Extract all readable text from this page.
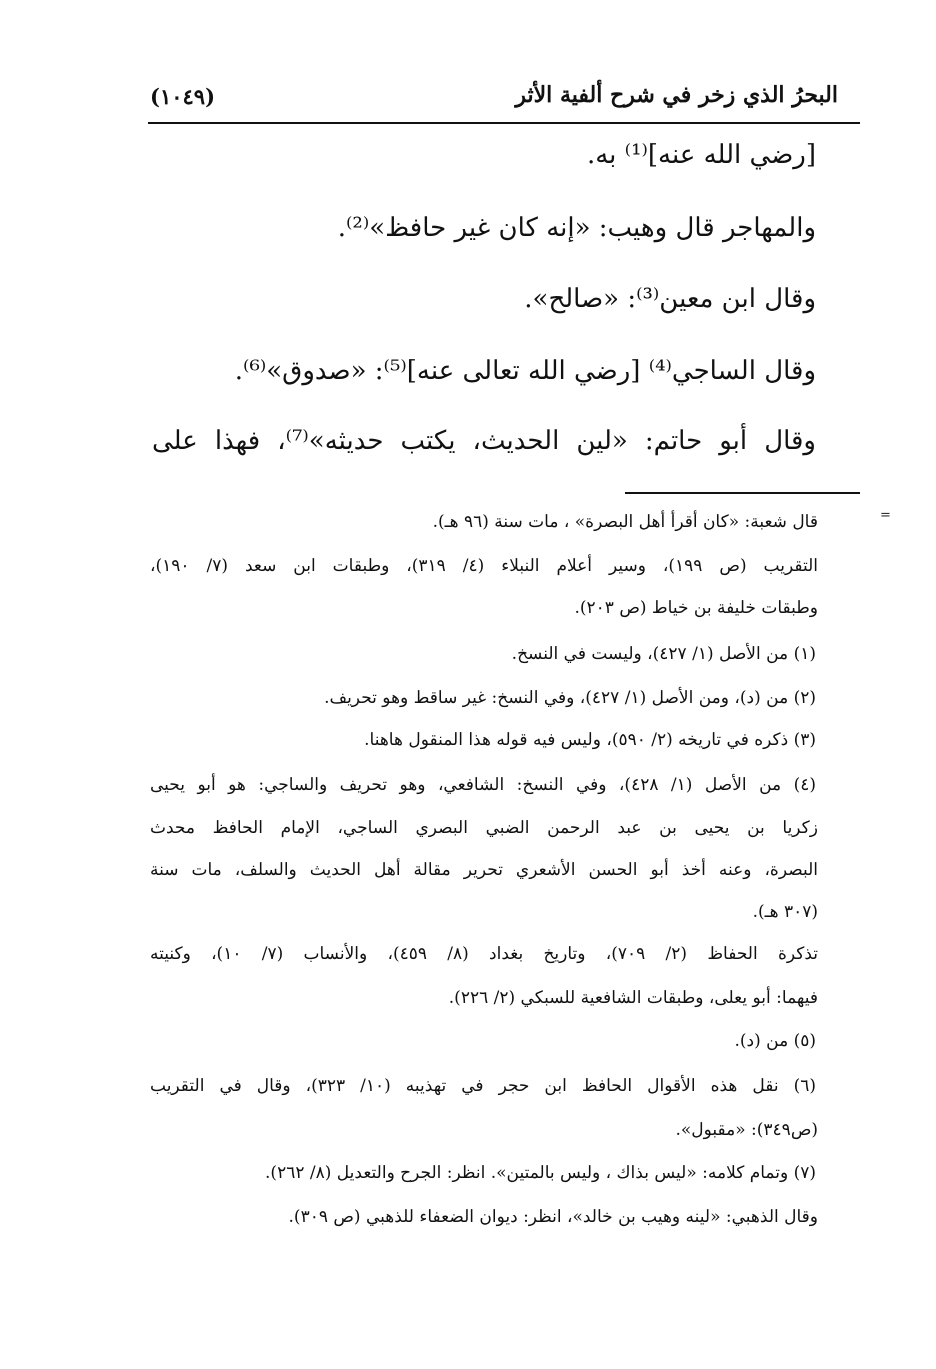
البحرُ الذي زخر في شرح ألفية الأثر
(١٠٤٩)
[رضي الله عنه]⁽¹⁾ به.
والمهاجر قال وهيب: «إنه كان غير حافظ»⁽²⁾.
وقال ابن معين⁽³⁾: «صالح».
وقال الساجي⁽⁴⁾ [رضي الله تعالى عنه]⁽⁵⁾: «صدوق»⁽⁶⁾.
وقال أبو حاتم: «لين الحديث، يكتب حديثه»⁽⁷⁾، فهذا على
=
قال شعبة: «كان أقرأ أهل البصرة» ، مات سنة (٩٦ هـ).
التقريب (ص ١٩٩)، وسير أعلام النبلاء (٤/ ٣١٩)، وطبقات ابن سعد (٧/ ١٩٠)،
وطبقات خليفة بن خياط (ص ٢٠٣).
(١) من الأصل (١/ ٤٢٧)، وليست في النسخ.
(٢) من (د)، ومن الأصل (١/ ٤٢٧)، وفي النسخ: غير ساقط وهو تحريف.
(٣) ذكره في تاريخه (٢/ ٥٩٠)، وليس فيه قوله هذا المنقول هاهنا.
(٤) من الأصل (١/ ٤٢٨)، وفي النسخ: الشافعي، وهو تحريف والساجي: هو أبو يحيى
زكريا بن يحيى بن عبد الرحمن الضبي البصري الساجي، الإمام الحافظ محدث
البصرة، وعنه أخذ أبو الحسن الأشعري تحرير مقالة أهل الحديث والسلف، مات سنة
(٣٠٧ هـ).
تذكرة الحفاظ (٢/ ٧٠٩)، وتاريخ بغداد (٨/ ٤٥٩)، والأنساب (٧/ ١٠)، وكنيته
فيهما: أبو يعلى، وطبقات الشافعية للسبكي (٢/ ٢٢٦).
(٥) من (د).
(٦) نقل هذه الأقوال الحافظ ابن حجر في تهذيبه (١٠/ ٣٢٣)، وقال في التقريب
(ص٣٤٩): «مقبول».
(٧) وتمام كلامه: «ليس بذاك ، وليس بالمتين». انظر: الجرح والتعديل (٨/ ٢٦٢).
وقال الذهبي: «لينه وهيب بن خالد»، انظر: ديوان الضعفاء للذهبي (ص ٣٠٩).
